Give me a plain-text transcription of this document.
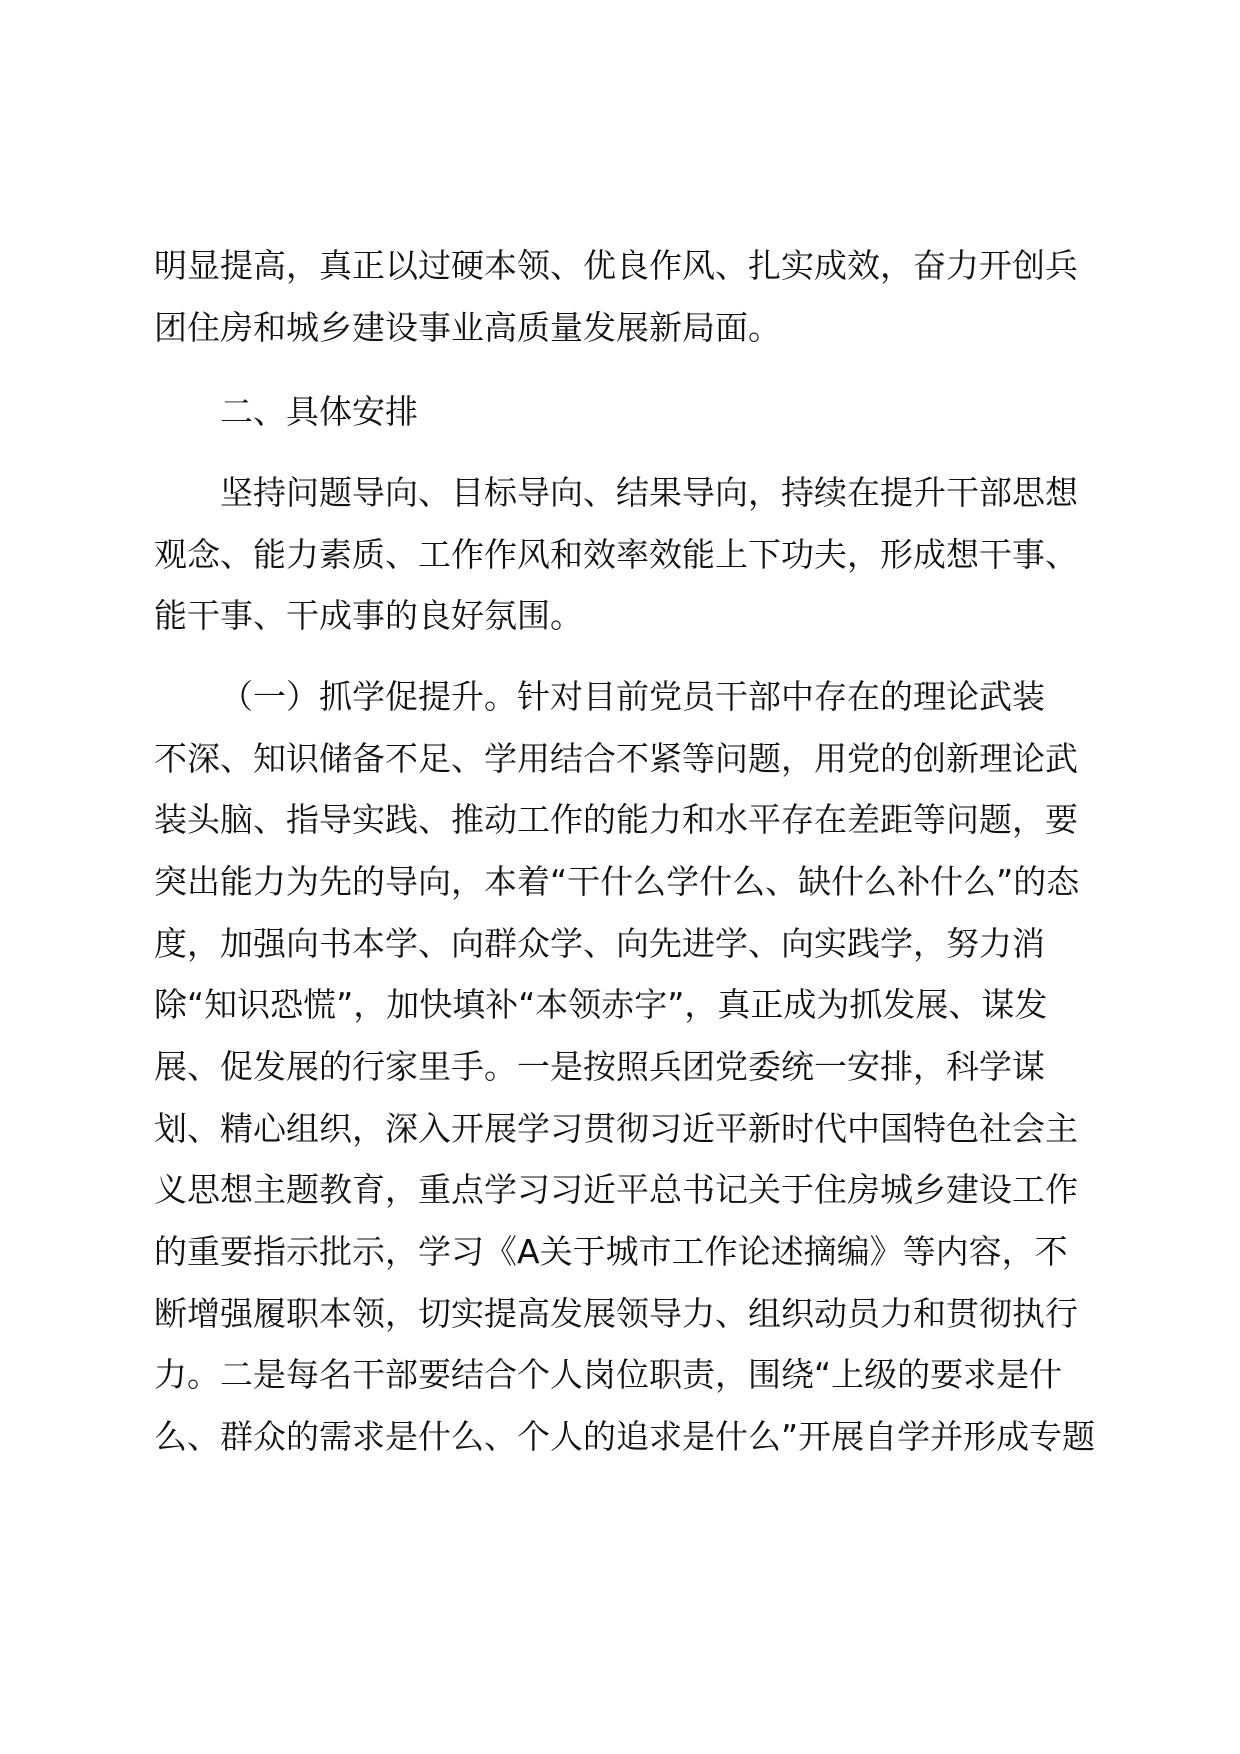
明显提高，真正以过硬本领、优良作风、扎实成效，奋力开创兵
团住房和城乡建设事业高质量发展新局面。
二、具体安排
坚持问题导向、目标导向、结果导向，持续在提升干部思想
观念、能力素质、工作作风和效率效能上下功夫，形成想干事、
能干事、干成事的良好氛围。
（一）抓学促提升。针对目前党员干部中存在的理论武装
不深、知识储备不足、学用结合不紧等问题，用党的创新理论武
装头脑、指导实践、推动工作的能力和水平存在差距等问题，要
突出能力为先的导向，本着“干什么学什么、缺什么补什么”的态
度，加强向书本学、向群众学、向先进学、向实践学，努力消
除“知识恐慌”，加快填补“本领赤字”，真正成为抓发展、谋发
展、促发展的行家里手。一是按照兵团党委统一安排，科学谋
划、精心组织，深入开展学习贯彻习近平新时代中国特色社会主
义思想主题教育，重点学习习近平总书记关于住房城乡建设工作
的重要指示批示，学习《A关于城市工作论述摘编》等内容，不
断增强履职本领，切实提高发展领导力、组织动员力和贯彻执行
力。二是每名干部要结合个人岗位职责，围绕“上级的要求是什
么、群众的需求是什么、个人的追求是什么”开展自学并形成专题
